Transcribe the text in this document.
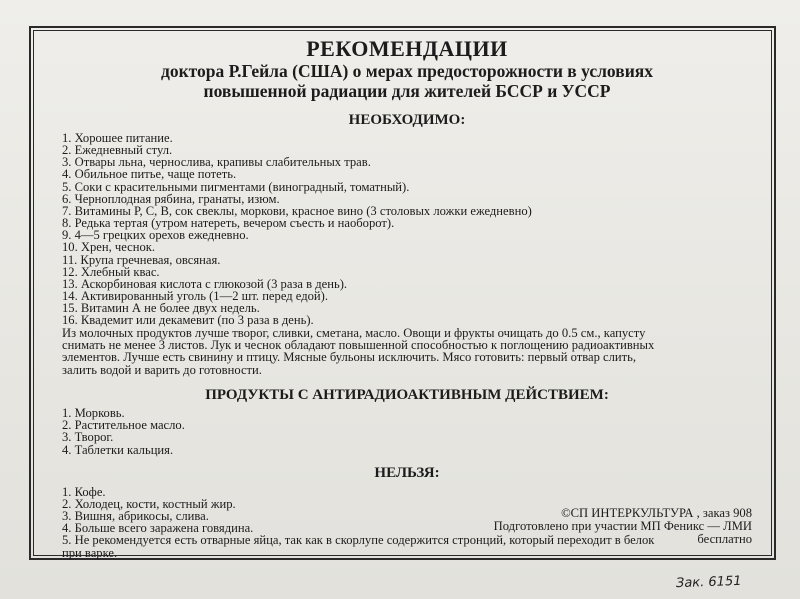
РЕКОМЕНДАЦИИ
доктора Р.Гейла (США) о мерах предосторожности в условиях
повышенной радиации для жителей БССР и УССР
НЕОБХОДИМО:
1. Хорошее питание.
2. Ежедневный стул.
3. Отвары льна, чернослива, крапивы слабительных трав.
4. Обильное питье, чаще потеть.
5. Соки с красительными пигментами (виноградный, томатный).
6. Черноплодная рябина, гранаты, изюм.
7. Витамины Р, С, В, сок свеклы, моркови, красное вино (3 столовых ложки ежедневно)
8. Редька тертая (утром натереть, вечером съесть и наоборот).
9. 4—5 грецких орехов ежедневно.
10. Хрен, чеснок.
11. Крупа гречневая, овсяная.
12. Хлебный квас.
13. Аскорбиновая кислота с глюкозой (3 раза в день).
14. Активированный уголь (1—2 шт. перед едой).
15. Витамин А не более двух недель.
16. Квадемит или декамевит (по 3 раза в день).
Из молочных продуктов лучше творог, сливки, сметана, масло. Овощи и фрукты очищать до 0.5 см., капусту
снимать не менее 3 листов. Лук и чеснок обладают повышенной способностью к поглощению радиоактивных
элементов. Лучше есть свинину и птицу. Мясные бульоны исключить. Мясо готовить: первый отвар слить,
залить водой и варить до готовности.
ПРОДУКТЫ С АНТИРАДИОАКТИВНЫМ ДЕЙСТВИЕМ:
1. Морковь.
2. Растительное масло.
3. Творог.
4. Таблетки кальция.
НЕЛЬЗЯ:
1. Кофе.
2. Холодец, кости, костный жир.
3. Вишня, абрикосы, слива.
4. Больше всего заражена говядина.
5. Не рекомендуется есть отварные яйца, так как в скорлупе содержится стронций, который переходит в белок
при варке.
©СП ИНТЕРКУЛЬТУРА , заказ 908
Подготовлено при участии МП Феникс — ЛМИ
бесплатно
Зак. 6151
